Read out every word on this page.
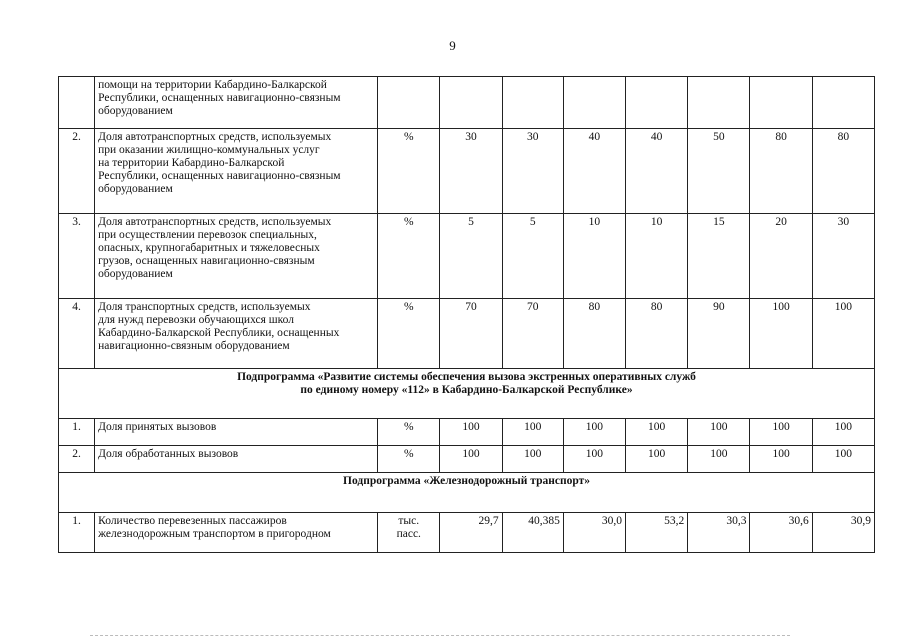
9

	помощи на территории Кабардино-Балкарской
Республики, оснащенных навигационно-связным
оборудованием								

2.	Доля автотранспортных средств, используемых
при оказании жилищно-коммунальных услуг
на территории Кабардино-Балкарской
Республики, оснащенных навигационно-связным
оборудованием	%	30	30	40	40	50	80	80
3.	Доля автотранспортных средств, используемых
при осуществлении перевозок специальных,
опасных, крупногабаритных и тяжеловесных
грузов, оснащенных навигационно-связным
оборудованием	%	5	5	10	10	15	20	30
4.	Доля транспортных средств, используемых
для нужд перевозки обучающихся школ
Кабардино-Балкарской Республики, оснащенных
навигационно-связным оборудованием	%	70	70	80	80	90	100	100

Подпрограмма «Развитие системы обеспечения вызова экстренных оперативных служб
по единому номеру «112» в Кабардино-Балкарской Республике»									

1.	Доля принятых вызовов	%	100	100	100	100	100	100	100
2.	Доля обработанных вызовов	%	100	100	100	100	100	100	100

Подпрограмма «Железнодорожный транспорт»									

1.	Количество перевезенных пассажиров
железнодорожным транспортом в пригородном	тыс.
пасс.	29,7	40,385	30,0	53,2	30,3	30,6	30,9
